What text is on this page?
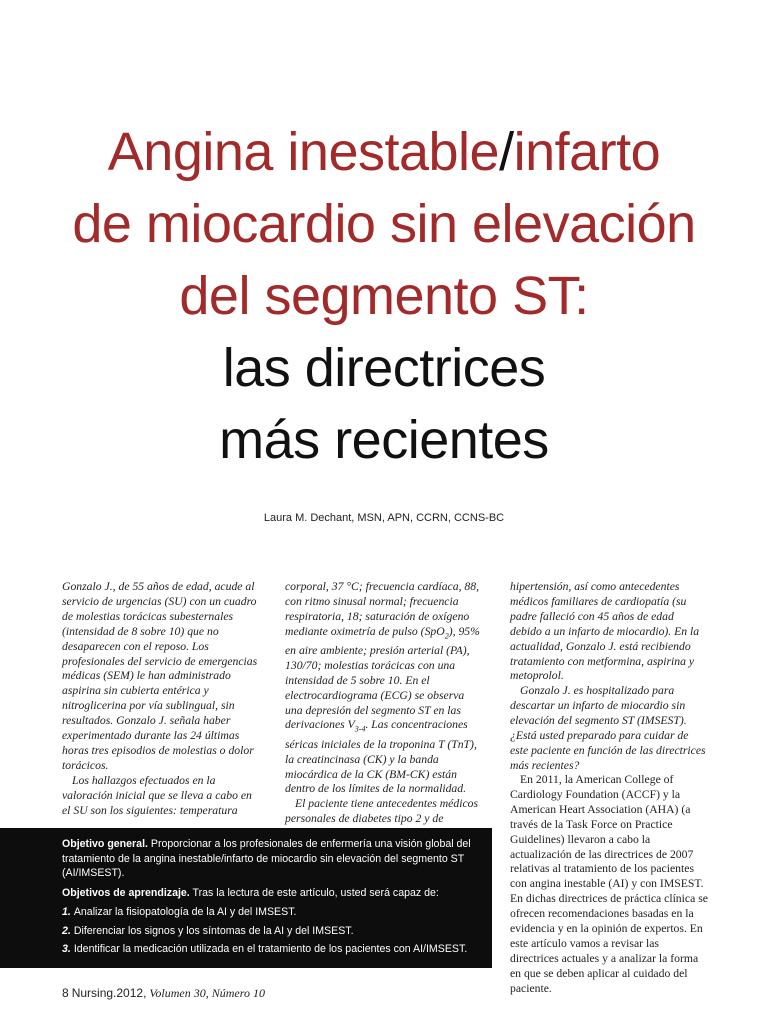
Angina inestable/infarto
de miocardio sin elevación
del segmento ST:
las directrices
más recientes
Laura M. Dechant, MSN, APN, CCRN, CCNS-BC

Gonzalo J., de 55 años de edad, acude al servicio de urgencias (SU) con un cuadro de molestias torácicas subesternales (intensidad de 8 sobre 10) que no desaparecen con el reposo. Los profesionales del servicio de emergencias médicas (SEM) le han administrado aspirina sin cubierta entérica y nitroglicerina por vía sublingual, sin resultados. Gonzalo J. señala haber experimentado durante las 24 últimas horas tres episodios de molestias o dolor torácicos.

Los hallazgos efectuados en la valoración inicial que se lleva a cabo en el SU son los siguientes: temperatura

corporal, 37 °C; frecuencia cardíaca, 88, con ritmo sinusal normal; frecuencia respiratoria, 18; saturación de oxígeno mediante oximetría de pulso (SpO$_2$), 95% en aire ambiente; presión arterial (PA), 130/70; molestias torácicas con una intensidad de 5 sobre 10. En el electrocardiograma (ECG) se observa una depresión del segmento ST en las derivaciones $V_{3-4}$. Las concentraciones séricas iniciales de la troponina T (TnT), la creatincinasa (CK) y la banda miocárdica de la CK (BM-CK) están dentro de los límites de la normalidad.

El paciente tiene antecedentes médicos personales de diabetes tipo 2 y de

hipertensión, así como antecedentes médicos familiares de cardiopatía (su padre falleció con 45 años de edad debido a un infarto de miocardio). En la actualidad, Gonzalo J. está recibiendo tratamiento con metformina, aspirina y metoprolol.

Gonzalo J. es hospitalizado para descartar un infarto de miocardio sin elevación del segmento ST (IMSEST). ¿Está usted preparado para cuidar de este paciente en función de las directrices más recientes?

En 2011, la American College of Cardiology Foundation (ACCF) y la American Heart Association (AHA) (a través de la Task Force on Practice Guidelines) llevaron a cabo la actualización de las directrices de 2007 relativas al tratamiento de los pacientes con angina inestable (AI) y con IMSEST. En dichas directrices de práctica clínica se ofrecen recomendaciones basadas en la evidencia y en la opinión de expertos. En este artículo vamos a revisar las directrices actuales y a analizar la forma en que se deben aplicar al cuidado del paciente.

Objetivo general. Proporcionar a los profesionales de enfermería una visión global del tratamiento de la angina inestable/infarto de miocardio sin elevación del segmento ST (AI/IMSEST).

Objetivos de aprendizaje. Tras la lectura de este artículo, usted será capaz de:

1. Analizar la fisiopatología de la AI y del IMSEST.
2. Diferenciar los signos y los síntomas de la AI y del IMSEST.
3. Identificar la medicación utilizada en el tratamiento de los pacientes con AI/IMSEST.
8 Nursing.2012, Volumen 30, Número 10
